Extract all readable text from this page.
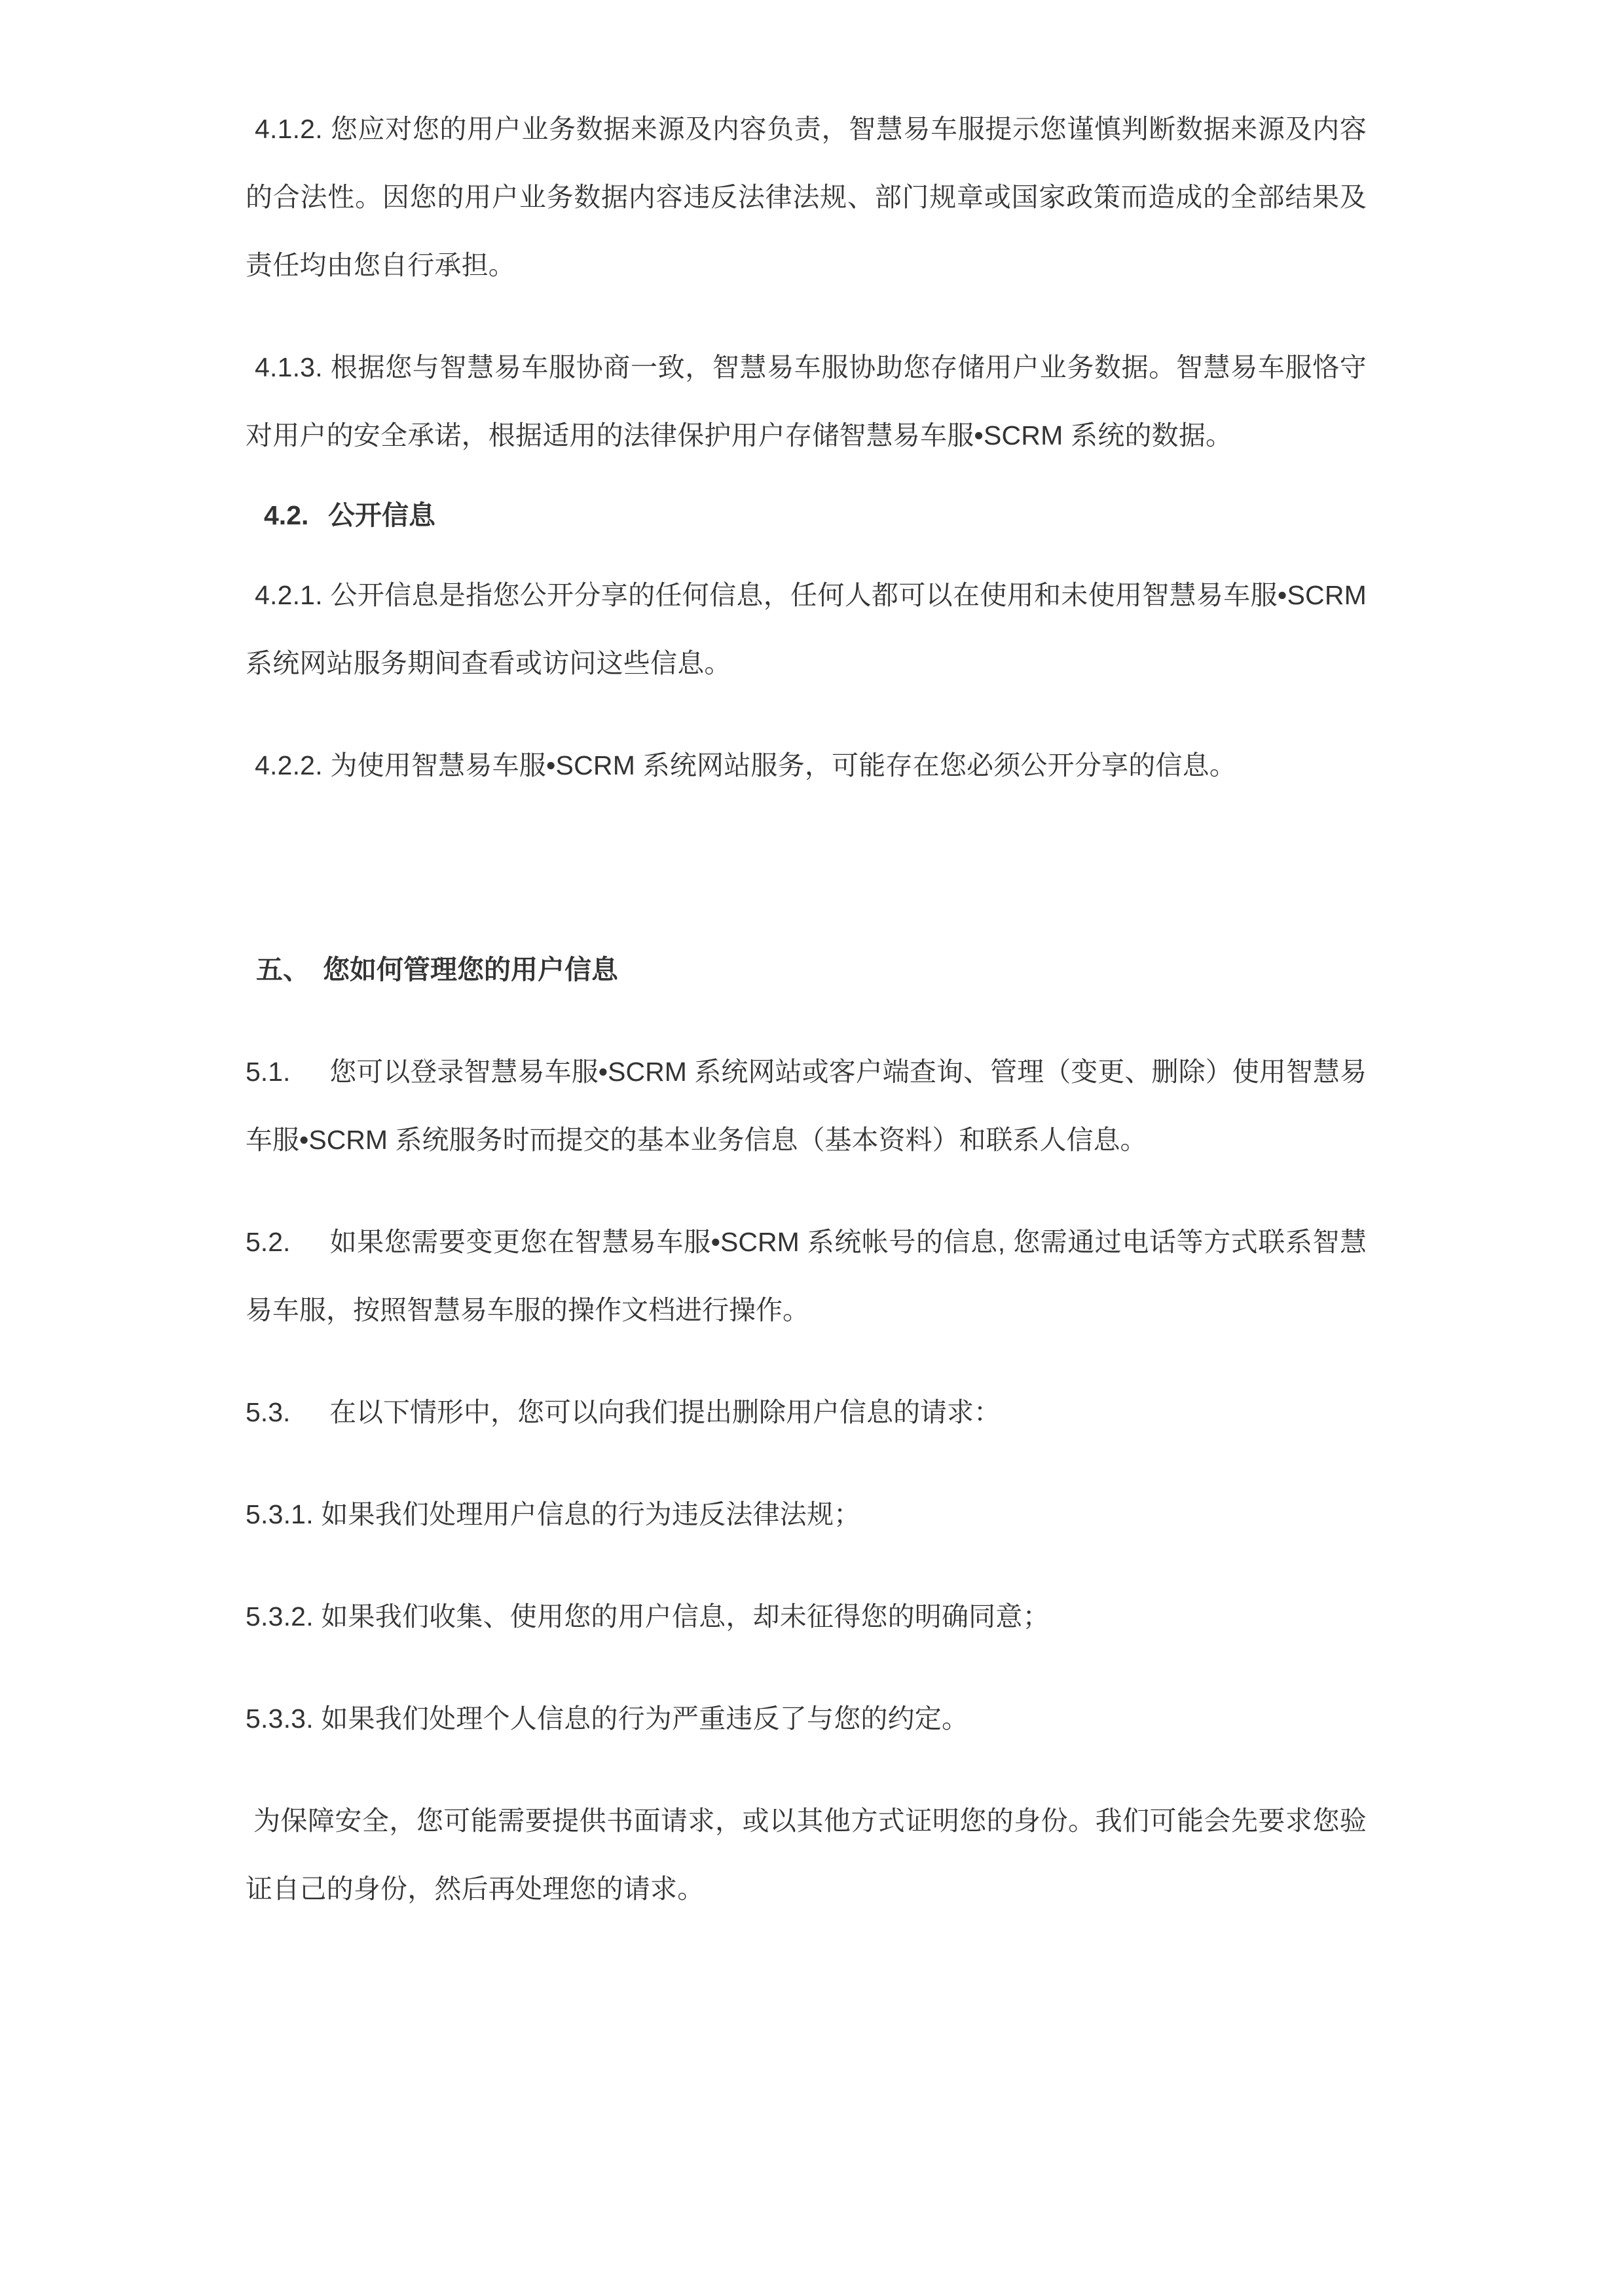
4.1.2. 您应对您的用户业务数据来源及内容负责，智慧易车服提示您谨慎判断数据来源及内容的合法性。因您的用户业务数据内容违反法律法规、部门规章或国家政策而造成的全部结果及责任均由您自行承担。

4.1.3. 根据您与智慧易车服协商一致，智慧易车服协助您存储用户业务数据。智慧易车服恪守对用户的安全承诺，根据适用的法律保护用户存储智慧易车服•SCRM 系统的数据。

4.2. 公开信息

4.2.1. 公开信息是指您公开分享的任何信息，任何人都可以在使用和未使用智慧易车服•SCRM 系统网站服务期间查看或访问这些信息。

4.2.2. 为使用智慧易车服•SCRM 系统网站服务，可能存在您必须公开分享的信息。

五、 您如何管理您的用户信息

5.1. 您可以登录智慧易车服•SCRM 系统网站或客户端查询、管理（变更、删除）使用智慧易车服•SCRM 系统服务时而提交的基本业务信息（基本资料）和联系人信息。

5.2. 如果您需要变更您在智慧易车服•SCRM 系统帐号的信息, 您需通过电话等方式联系智慧易车服，按照智慧易车服的操作文档进行操作。

5.3. 在以下情形中，您可以向我们提出删除用户信息的请求：

5.3.1. 如果我们处理用户信息的行为违反法律法规；

5.3.2. 如果我们收集、使用您的用户信息，却未征得您的明确同意；

5.3.3. 如果我们处理个人信息的行为严重违反了与您的约定。

为保障安全，您可能需要提供书面请求，或以其他方式证明您的身份。我们可能会先要求您验证自己的身份，然后再处理您的请求。
